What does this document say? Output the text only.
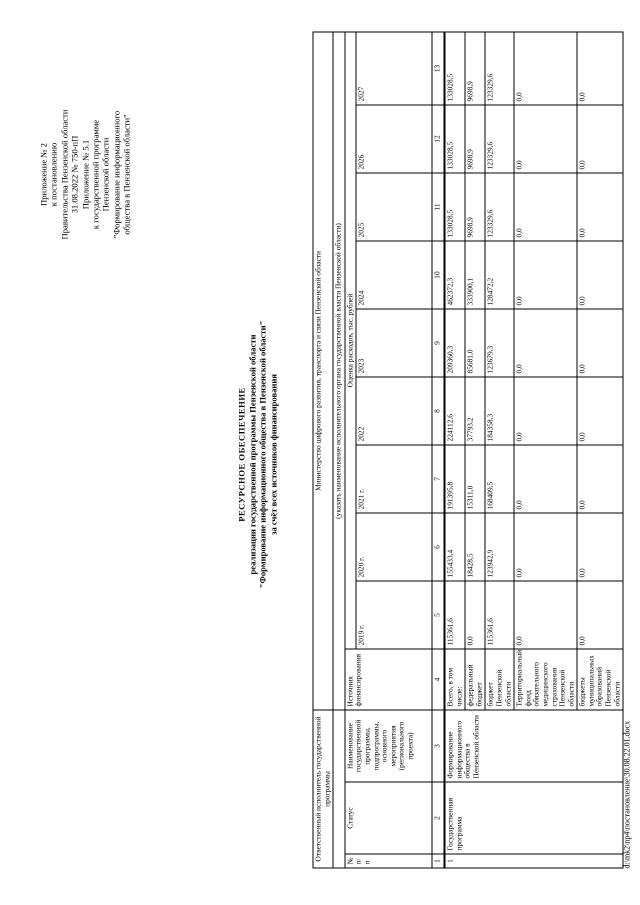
Приложение № 2 к постановлению Правительства Пензенской области 31.08.2022 № 750-пП Приложение № 5.1 к государственной программе Пензенской области "Формирование информационного общества в Пензенской области"
РЕСУРСНОЕ ОБЕСПЕЧЕНИЕ реализации государственной программы Пензенской области "Формирование информационного общества в Пензенской области" за счёт всех источников финансирования
Ответственный исполнитель государственной программы			Министерство цифрового развития, транспорта и связи Пензенской области									

			(указать наименование исполнительного органа государственной власти Пензенской области)									
№ п/п	Статус	Наименование государственной программы, подпрограммы, основного мероприятия (регионального проекта)	Источник финансирования	Оценка расходов, тыс. рублей								
				2019 г.	2020 г.	2021 г.	2022	2023	2024	2025	2026	2027
1	2	3	4	5	6	7	8	9	10	11	12	13
1	Государственная программа	Формирование информационного общества в Пензенской области	Всего, в том числе:	115361,6	155433,4	191395,8	224112,6	209360,3	462372,3	133028,5	133028,5	133028,5
			федеральный бюджет	0,0	18428,5	15311,0	37793,2	85681,0	333900,1	9698,9	9698,9	9698,9
			бюджет Пензенской области	115361,6	123942,9	168409,5	184358,3	123679,3	128472,2	123329,6	123329,6	123329,6
			Территориальный фонд обязательного медицинского страхования Пензенской области	0,0	0,0	0,0	0,0	0,0	0,0	0,0	0,0	0,0
			бюджеты муниципальных образований Пензенской области	0,0	0,0	0,0	0,0	0,0	0,0	0,0	0,0	0,0
d:\mk2\np4\постановление\30.08.22.01.docx
